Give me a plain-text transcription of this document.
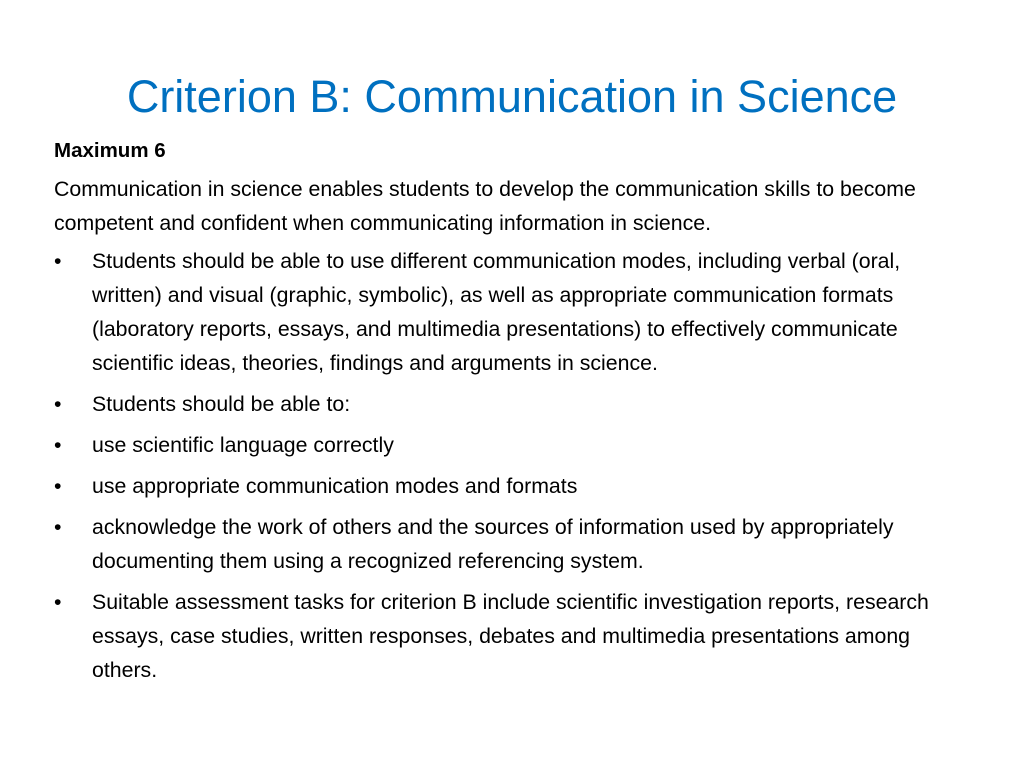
Criterion B: Communication in Science

Maximum 6

Communication in science enables students to develop the communication skills to become competent and confident when communicating information in science.

•	Students should be able to use different communication modes, including verbal (oral, written) and visual (graphic, symbolic), as well as appropriate communication formats (laboratory reports, essays, and multimedia presentations) to effectively communicate scientific ideas, theories, findings and arguments in science.
•	Students should be able to:
•	use scientific language correctly
•	use appropriate communication modes and formats
•	acknowledge the work of others and the sources of information used by appropriately documenting them using a recognized referencing system.
•	Suitable assessment tasks for criterion B include scientific investigation reports, research essays, case studies, written responses, debates and multimedia presentations among others.
